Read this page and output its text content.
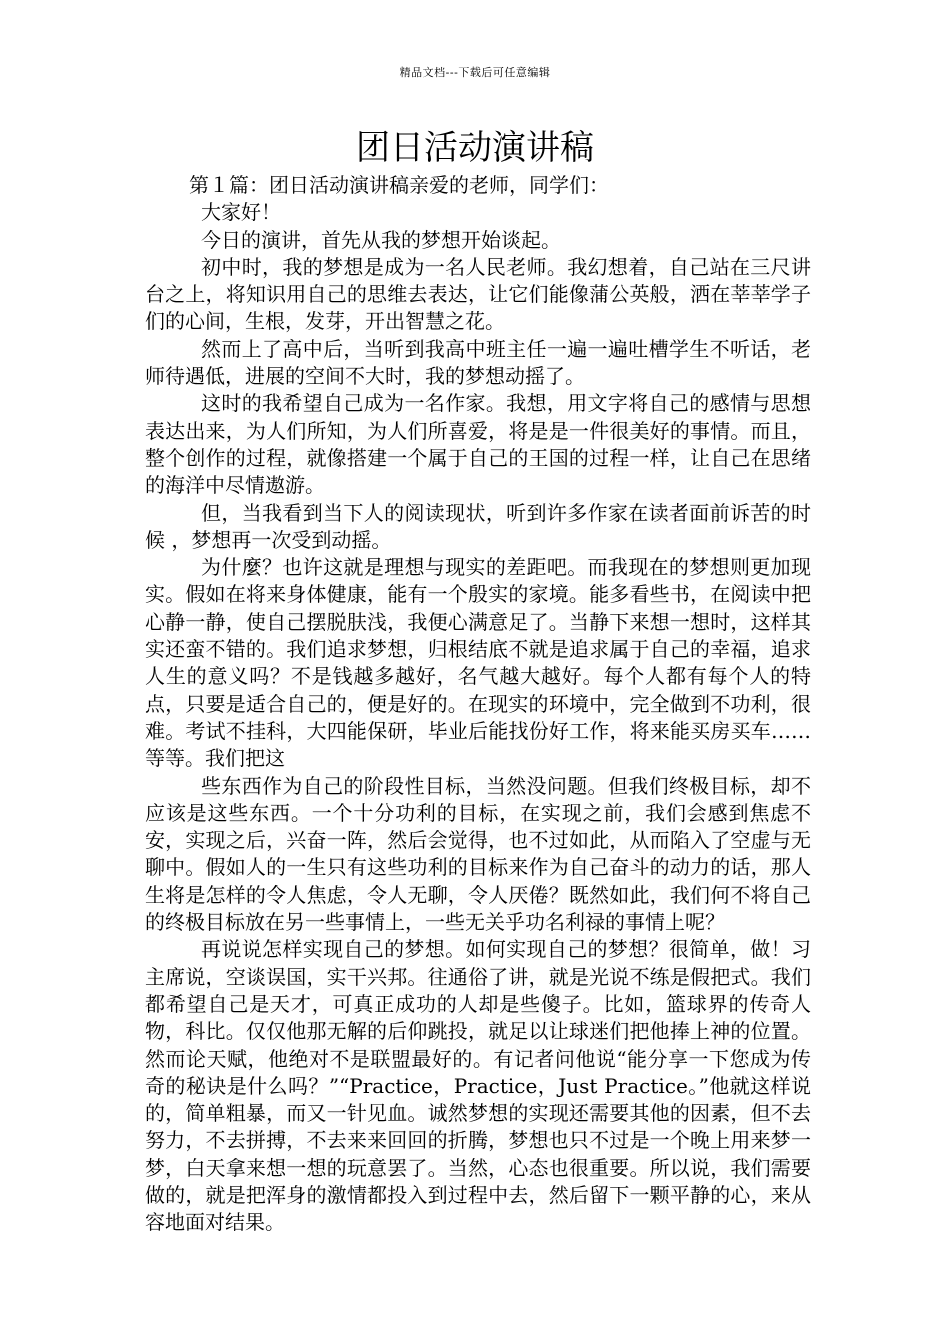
精品文档---下载后可任意编辑
团日活动演讲稿

第１篇：团日活动演讲稿亲爱的老师，同学们：

大家好！

今日的演讲，首先从我的梦想开始谈起。

初中时，我的梦想是成为一名人民老师。我幻想着，自己站在三尺讲台之上，将知识用自己的思维去表达，让它们能像蒲公英般，洒在莘莘学子们的心间，生根，发芽，开出智慧之花。

然而上了高中后，当听到我高中班主任一遍一遍吐槽学生不听话，老师待遇低，进展的空间不大时，我的梦想动摇了。

这时的我希望自己成为一名作家。我想，用文字将自己的感情与思想表达出来，为人们所知，为人们所喜爱，将是是一件很美好的事情。而且，整个创作的过程，就像搭建一个属于自己的王国的过程一样，让自己在思绪的海洋中尽情遨游。

但，当我看到当下人的阅读现状，听到许多作家在读者面前诉苦的时候 ，梦想再一次受到动摇。

为什麼？也许这就是理想与现实的差距吧。而我现在的梦想则更加现实。假如在将来身体健康，能有一个殷实的家境。能多看些书，在阅读中把心静一静，使自己摆脱肤浅，我便心满意足了。当静下来想一想时，这样其实还蛮不错的。我们追求梦想，归根结底不就是追求属于自己的幸福，追求人生的意义吗？不是钱越多越好，名气越大越好。每个人都有每个人的特点，只要是适合自己的，便是好的。在现实的环境中，完全做到不功利，很难。考试不挂科，大四能保研，毕业后能找份好工作，将来能买房买车……等等。我们把这

些东西作为自己的阶段性目标，当然没问题。但我们终极目标，却不应该是这些东西。一个十分功利的目标，在实现之前，我们会感到焦虑不安，实现之后，兴奋一阵，然后会觉得，也不过如此，从而陷入了空虚与无聊中。假如人的一生只有这些功利的目标来作为自己奋斗的动力的话，那人生将是怎样的令人焦虑，令人无聊，令人厌倦？既然如此，我们何不将自己的终极目标放在另一些事情上，一些无关乎功名利禄的事情上呢？

再说说怎样实现自己的梦想。如何实现自己的梦想？很简单，做！习主席说，空谈误国，实干兴邦。往通俗了讲，就是光说不练是假把式。我们都希望自己是天才，可真正成功的人却是些傻子。比如，篮球界的传奇人物，科比。仅仅他那无解的后仰跳投，就足以让球迷们把他捧上神的位置。然而论天赋，他绝对不是联盟最好的。有记者问他说“能分享一下您成为传奇的秘诀是什么吗？”“Practice，Practice，Just Practice。”他就这样说的，简单粗暴，而又一针见血。诚然梦想的实现还需要其他的因素，但不去努力，不去拼搏，不去来来回回的折腾，梦想也只不过是一个晚上用来梦一梦，白天拿来想一想的玩意罢了。当然，心态也很重要。所以说，我们需要做的，就是把浑身的激情都投入到过程中去，然后留下一颗平静的心，来从容地面对结果。
